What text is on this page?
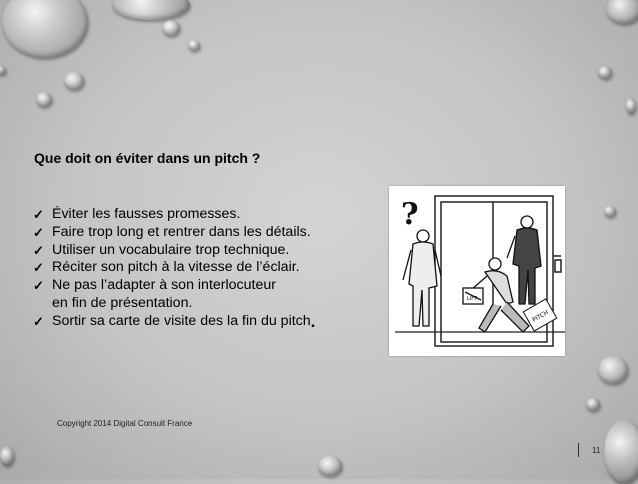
Que doit on éviter dans un pitch ?
✓ Éviter les fausses promesses.
✓ Faire trop long et rentrer dans les détails.
✓ Utiliser un vocabulaire trop technique.
✓ Réciter son pitch à la vitesse de l’éclair.
✓ Ne pas l’adapter à son interlocuteur
en fin de présentation.
✓ Sortir sa carte de visite des la fin du pitch .
?
PITCH
LIFT
Copyright 2014 Digital Consult France
11
